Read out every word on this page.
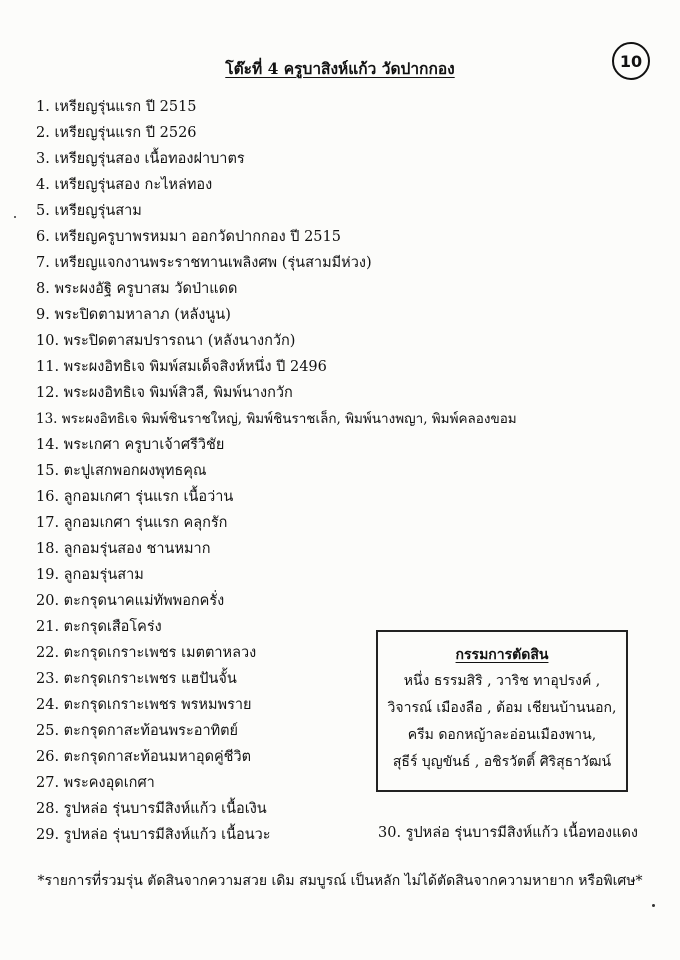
โต๊ะที่ 4 ครูบาสิงห์แก้ว วัดปากกอง	10
1. เหรียญรุ่นแรก ปี 2515
2. เหรียญรุ่นแรก ปี 2526
3. เหรียญรุ่นสอง เนื้อทองฝาบาตร
4. เหรียญรุ่นสอง กะไหล่ทอง
5. เหรียญรุ่นสาม
6. เหรียญครูบาพรหมมา ออกวัดปากกอง ปี 2515
7. เหรียญแจกงานพระราชทานเพลิงศพ (รุ่นสามมีห่วง)
8. พระผงอัฐิ ครูบาสม วัดป่าแดด
9. พระปิดตามหาลาภ (หลังนูน)
10. พระปิดตาสมปรารถนา (หลังนางกวัก)
11. พระผงอิทธิเจ พิมพ์สมเด็จสิงห์หนึ่ง ปี 2496
12. พระผงอิทธิเจ พิมพ์สิวลี, พิมพ์นางกวัก
13. พระผงอิทธิเจ พิมพ์ชินราชใหญ่, พิมพ์ชินราชเล็ก, พิมพ์นางพญา, พิมพ์คลองขอม
14. พระเกศา ครูบาเจ้าศรีวิชัย
15. ตะปูเสกพอกผงพุทธคุณ
16. ลูกอมเกศา รุ่นแรก เนื้อว่าน
17. ลูกอมเกศา รุ่นแรก คลุกรัก
18. ลูกอมรุ่นสอง ชานหมาก
19. ลูกอมรุ่นสาม
20. ตะกรุดนาคแม่ทัพพอกครั่ง
21. ตะกรุดเสือโคร่ง
22. ตะกรุดเกราะเพชร เมตตาหลวง
23. ตะกรุดเกราะเพชร แฮปันจั้น
24. ตะกรุดเกราะเพชร พรหมพราย
25. ตะกรุดกาสะท้อนพระอาทิตย์
26. ตะกรุดกาสะท้อนมหาอุดคู่ชีวิต
27. พระคงอุดเกศา
28. รูปหล่อ รุ่นบารมีสิงห์แก้ว เนื้อเงิน
29. รูปหล่อ รุ่นบารมีสิงห์แก้ว เนื้อนวะ	30. รูปหล่อ รุ่นบารมีสิงห์แก้ว เนื้อทองแดง
กรรมการตัดสิน
หนึ่ง ธรรมสิริ , วาริช ทาอุปรงค์ ,
วิจารณ์ เมืองลือ , ต้อม เชียนบ้านนอก,
ครีม ดอกหญ้าละอ่อนเมืองพาน,
สุธีร์ บุญขันธ์ , อชิรวัตติ์ ศิริสุธาวัฒน์
*รายการที่รวมรุ่น ตัดสินจากความสวย เดิม สมบูรณ์ เป็นหลัก ไม่ได้ตัดสินจากความหายาก หรือพิเศษ*
